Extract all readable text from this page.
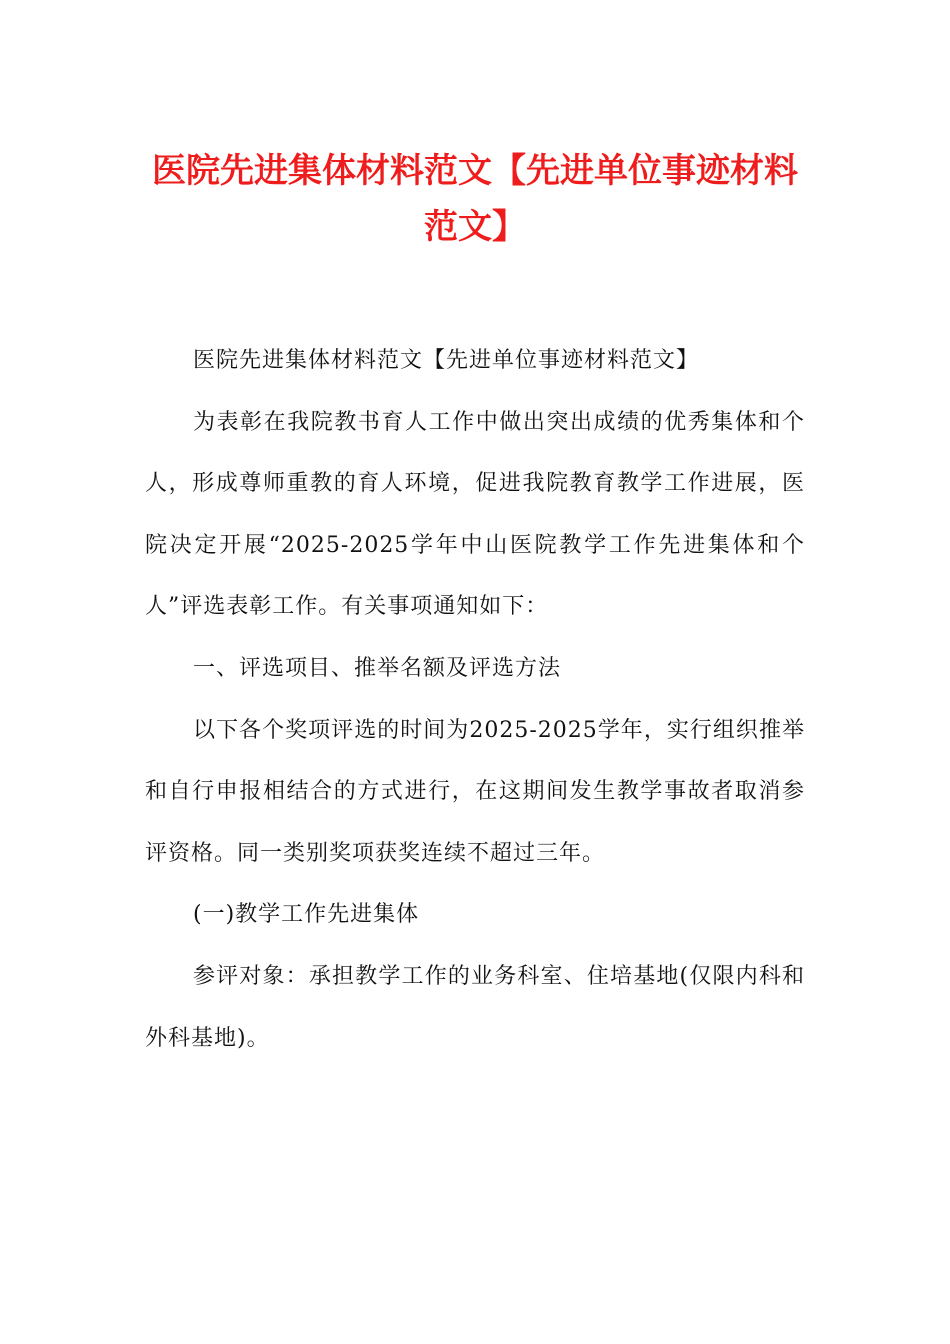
医院先进集体材料范文【先进单位事迹材料范文】

医院先进集体材料范文【先进单位事迹材料范文】

为表彰在我院教书育人工作中做出突出成绩的优秀集体和个人，形成尊师重教的育人环境，促进我院教育教学工作进展，医院决定开展“2025-2025学年中山医院教学工作先进集体和个人”评选表彰工作。有关事项通知如下：

一、评选项目、推举名额及评选方法

以下各个奖项评选的时间为2025-2025学年，实行组织推举和自行申报相结合的方式进行，在这期间发生教学事故者取消参评资格。同一类别奖项获奖连续不超过三年。

(一)教学工作先进集体

参评对象：承担教学工作的业务科室、住培基地(仅限内科和外科基地)。
